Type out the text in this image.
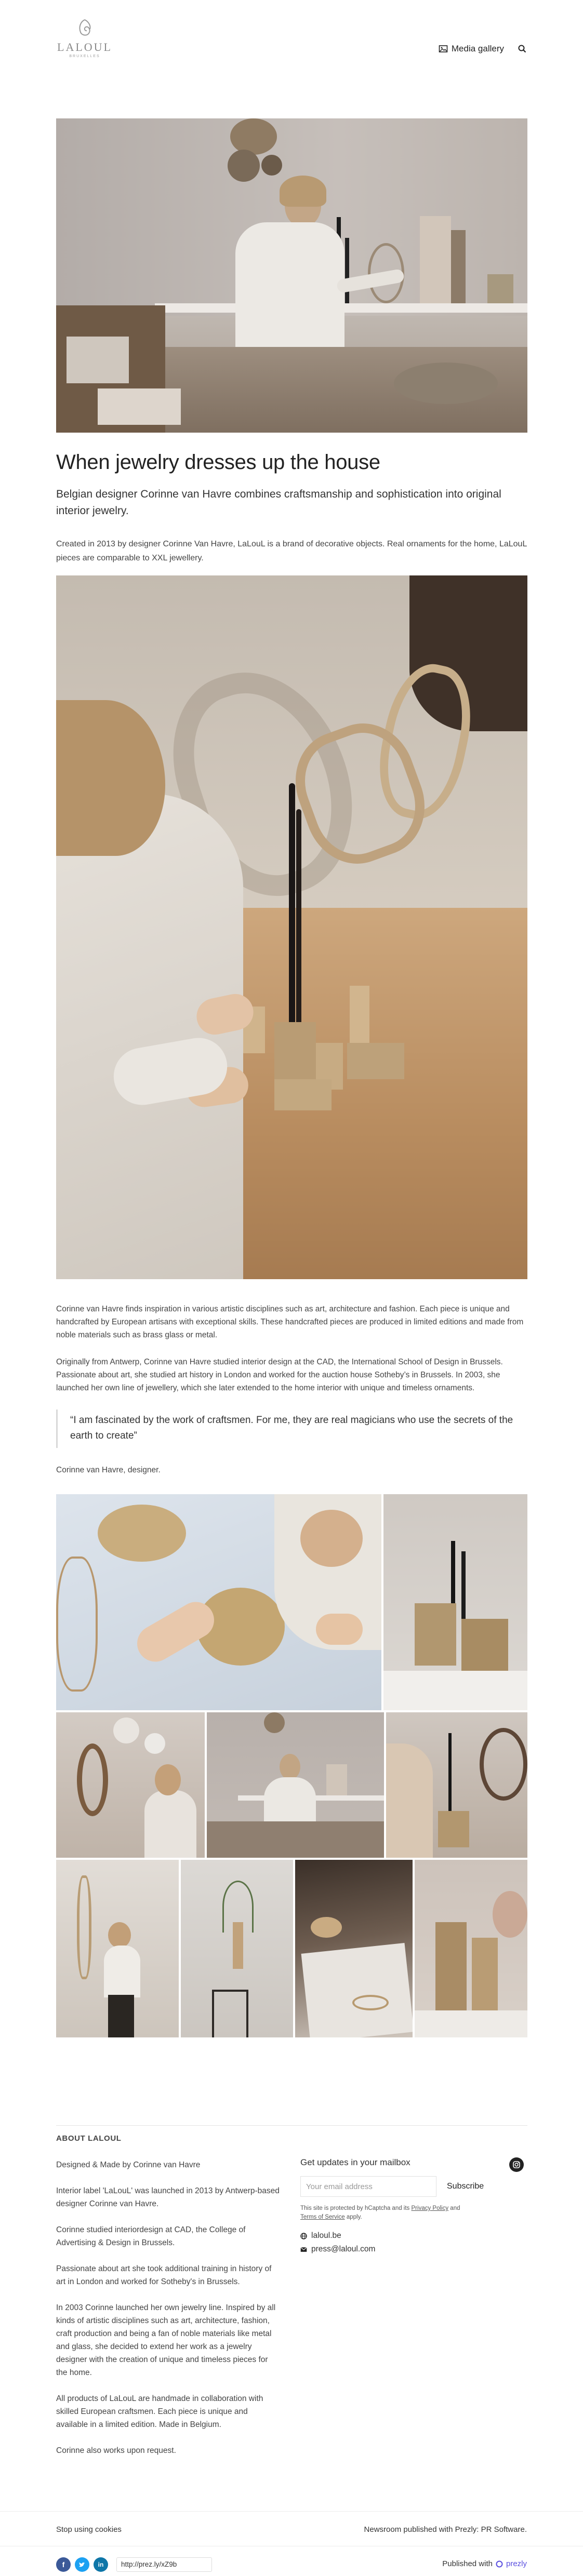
LALOUL
BRUXELLES
Media gallery
When jewelry dresses up the house

Belgian designer Corinne van Havre combines craftsmanship and sophistication into original interior jewelry.

Created in 2013 by designer Corinne Van Havre, LaLouL is a brand of decorative objects. Real ornaments for the home, LaLouL pieces are comparable to XXL jewellery.

Corinne van Havre finds inspiration in various artistic disciplines such as art, architecture and fashion. Each piece is unique and handcrafted by European artisans with exceptional skills. These handcrafted pieces are produced in limited editions and made from noble materials such as brass glass or metal.

Originally from Antwerp, Corinne van Havre studied interior design at the CAD, the International School of Design in Brussels. Passionate about art, she studied art history in London and worked for the auction house Sotheby’s in Brussels. In 2003, she launched her own line of jewellery, which she later extended to the home interior with unique and timeless ornaments.

“I am fascinated by the work of craftsmen. For me, they are real magicians who use the secrets of the earth to create”

Corinne van Havre, designer.

ABOUT LALOUL

Designed & Made by Corinne van Havre

Interior label 'LaLouL' was launched in 2013 by Antwerp-based designer Corinne van Havre.

Corinne studied interiordesign at CAD, the College of Advertising & Design in Brussels.

Passionate about art she took additional training in history of art in London and worked for Sotheby's in Brussels.

In 2003 Corinne launched her own jewelry line. Inspired by all kinds of artistic disciplines such as art, architecture, fashion, craft production and being a fan of noble materials like metal and glass, she decided to extend her work as a jewelry designer with the creation of unique and timeless pieces for the home.

All products of LaLouL are handmade in collaboration with skilled European craftsmen. Each piece is unique and available in a limited edition. Made in Belgium.

Corinne also works upon request.

Get updates in your mailbox
Your email address
Subscribe
This site is protected by hCaptcha and its Privacy Policy and Terms of Service apply.
laloul.be
press@laloul.com
Stop using cookies	Newsroom published with Prezly: PR Software.
f	in	http://prez.ly/xZ9b	Published with prezly
